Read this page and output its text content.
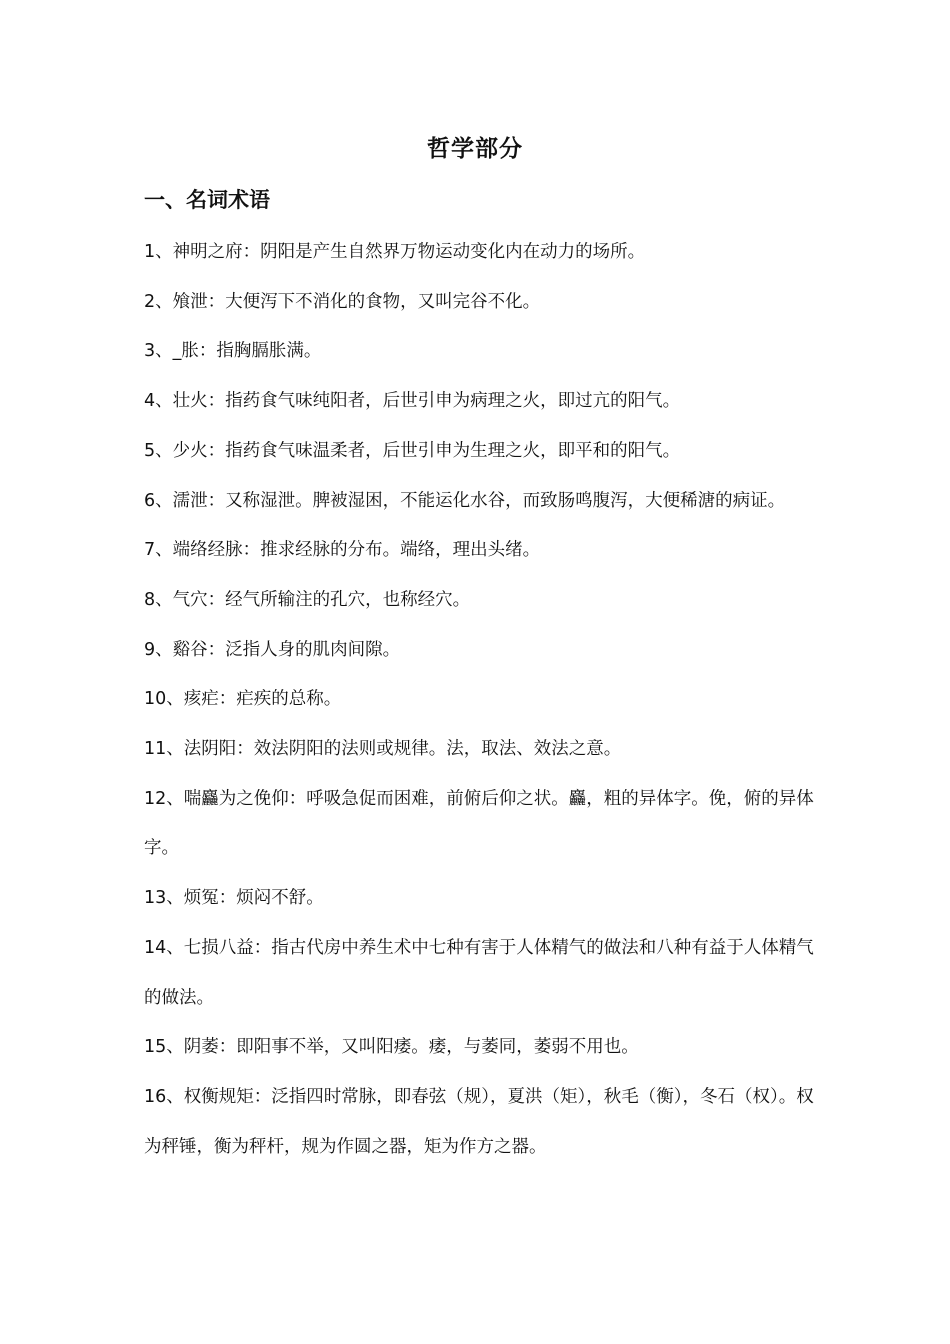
哲学部分
一、名词术语
1、神明之府：阴阳是产生自然界万物运动变化内在动力的场所。
2、飧泄：大便泻下不消化的食物，又叫完谷不化。
3、_胀：指胸膈胀满。
4、壮火：指药食气味纯阳者，后世引申为病理之火，即过亢的阳气。
5、少火：指药食气味温柔者，后世引申为生理之火，即平和的阳气。
6、濡泄：又称湿泄。脾被湿困，不能运化水谷，而致肠鸣腹泻，大便稀溏的病证。
7、端络经脉：推求经脉的分布。端络，理出头绪。
8、气穴：经气所输注的孔穴，也称经穴。
9、谿谷：泛指人身的肌肉间隙。
10、痎疟：疟疾的总称。
11、法阴阳：效法阴阳的法则或规律。法，取法、效法之意。
12、喘麤为之俛仰：呼吸急促而困难，前俯后仰之状。麤，粗的异体字。俛，俯的异体字。
13、烦冤：烦闷不舒。
14、七损八益：指古代房中养生术中七种有害于人体精气的做法和八种有益于人体精气的做法。
15、阴萎：即阳事不举，又叫阳痿。痿，与萎同，萎弱不用也。
16、权衡规矩：泛指四时常脉，即春弦（规），夏洪（矩），秋毛（衡），冬石（权）。权为秤锤，衡为秤杆，规为作圆之器，矩为作方之器。
